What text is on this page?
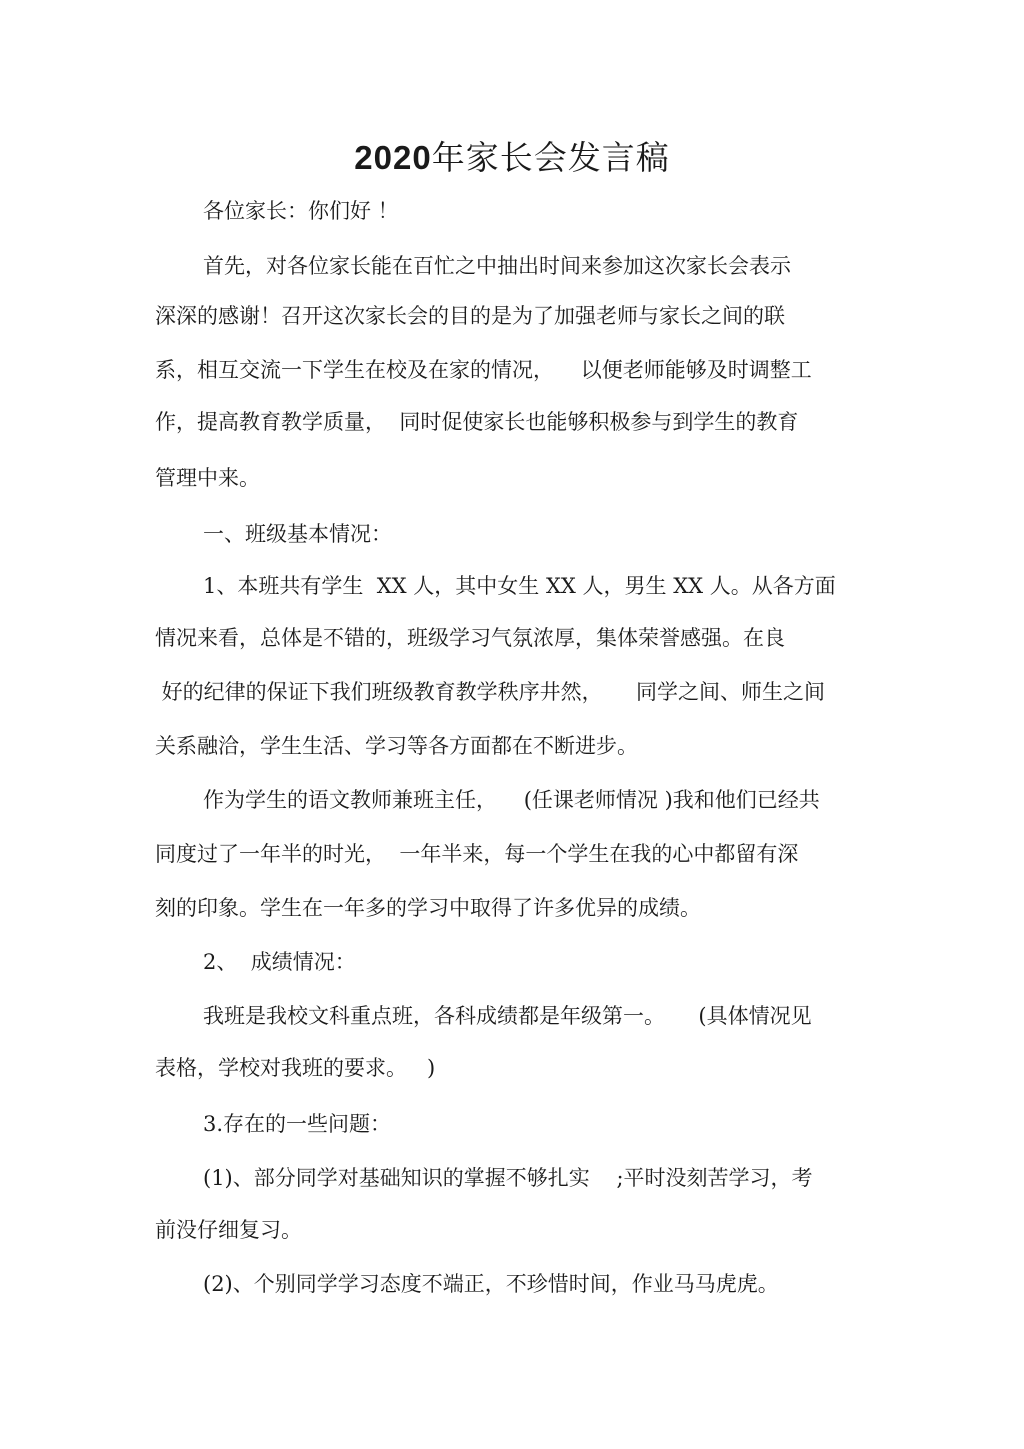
2020年家长会发言稿

各位家长：你们好 ！

首先，对各位家长能在百忙之中抽出时间来参加这次家长会表示

深深的感谢！召开这次家长会的目的是为了加强老师与家长之间的联

系，相互交流一下学生在校及在家的情况，    以便老师能够及时调整工

作，提高教育教学质量，  同时促使家长也能够积极参与到学生的教育

管理中来。

一、班级基本情况：

1、本班共有学生  XX 人，其中女生 XX 人，男生 XX 人。从各方面

情况来看，总体是不错的，班级学习气氛浓厚，集体荣誉感强。在良

好的纪律的保证下我们班级教育教学秩序井然，     同学之间、师生之间

关系融洽，学生生活、学习等各方面都在不断进步。

作为学生的语文教师兼班主任，    (任课老师情况 )我和他们已经共

同度过了一年半的时光，  一年半来，每一个学生在我的心中都留有深

刻的印象。学生在一年多的学习中取得了许多优异的成绩。

2、  成绩情况：

我班是我校文科重点班，各科成绩都是年级第一。     (具体情况见

表格，学校对我班的要求。   )

3.存在的一些问题：

(1)、部分同学对基础知识的掌握不够扎实    ;平时没刻苦学习，考

前没仔细复习。

(2)、个别同学学习态度不端正，不珍惜时间，作业马马虎虎。
